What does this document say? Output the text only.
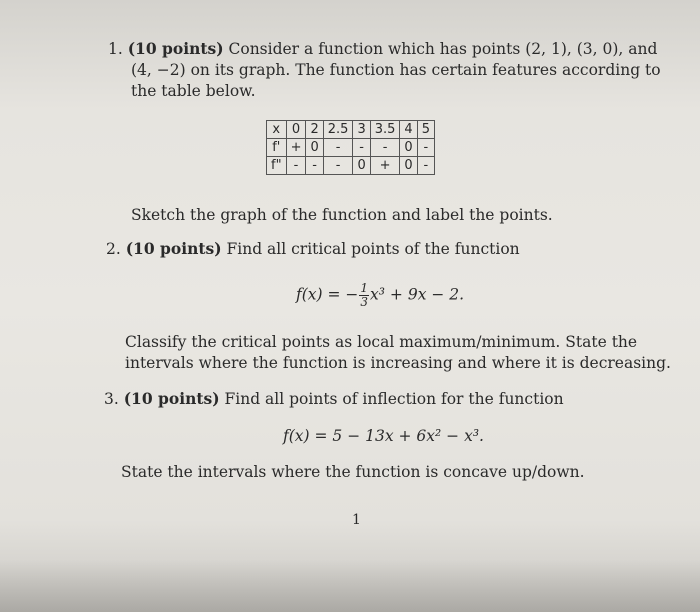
1. (10 points) Consider a function which has points (2, 1), (3, 0), and
(4, −2) on its graph. The function has certain features according to
the table below.
x	0	2	2.5	3	3.5	4	5
f'	+	0	-	-	-	0	-
f"	-	-	-	0	+	0	-
Sketch the graph of the function and label the points.
2. (10 points) Find all critical points of the function
f(x) = − $\frac{1}{3} x^3 + 9x - 2$.
Classify the critical points as local maximum/minimum. State the
intervals where the function is increasing and where it is decreasing.
3. (10 points) Find all points of inflection for the function
f(x) = 5 − 13x + 6x² − x³.
State the intervals where the function is concave up/down.
1
